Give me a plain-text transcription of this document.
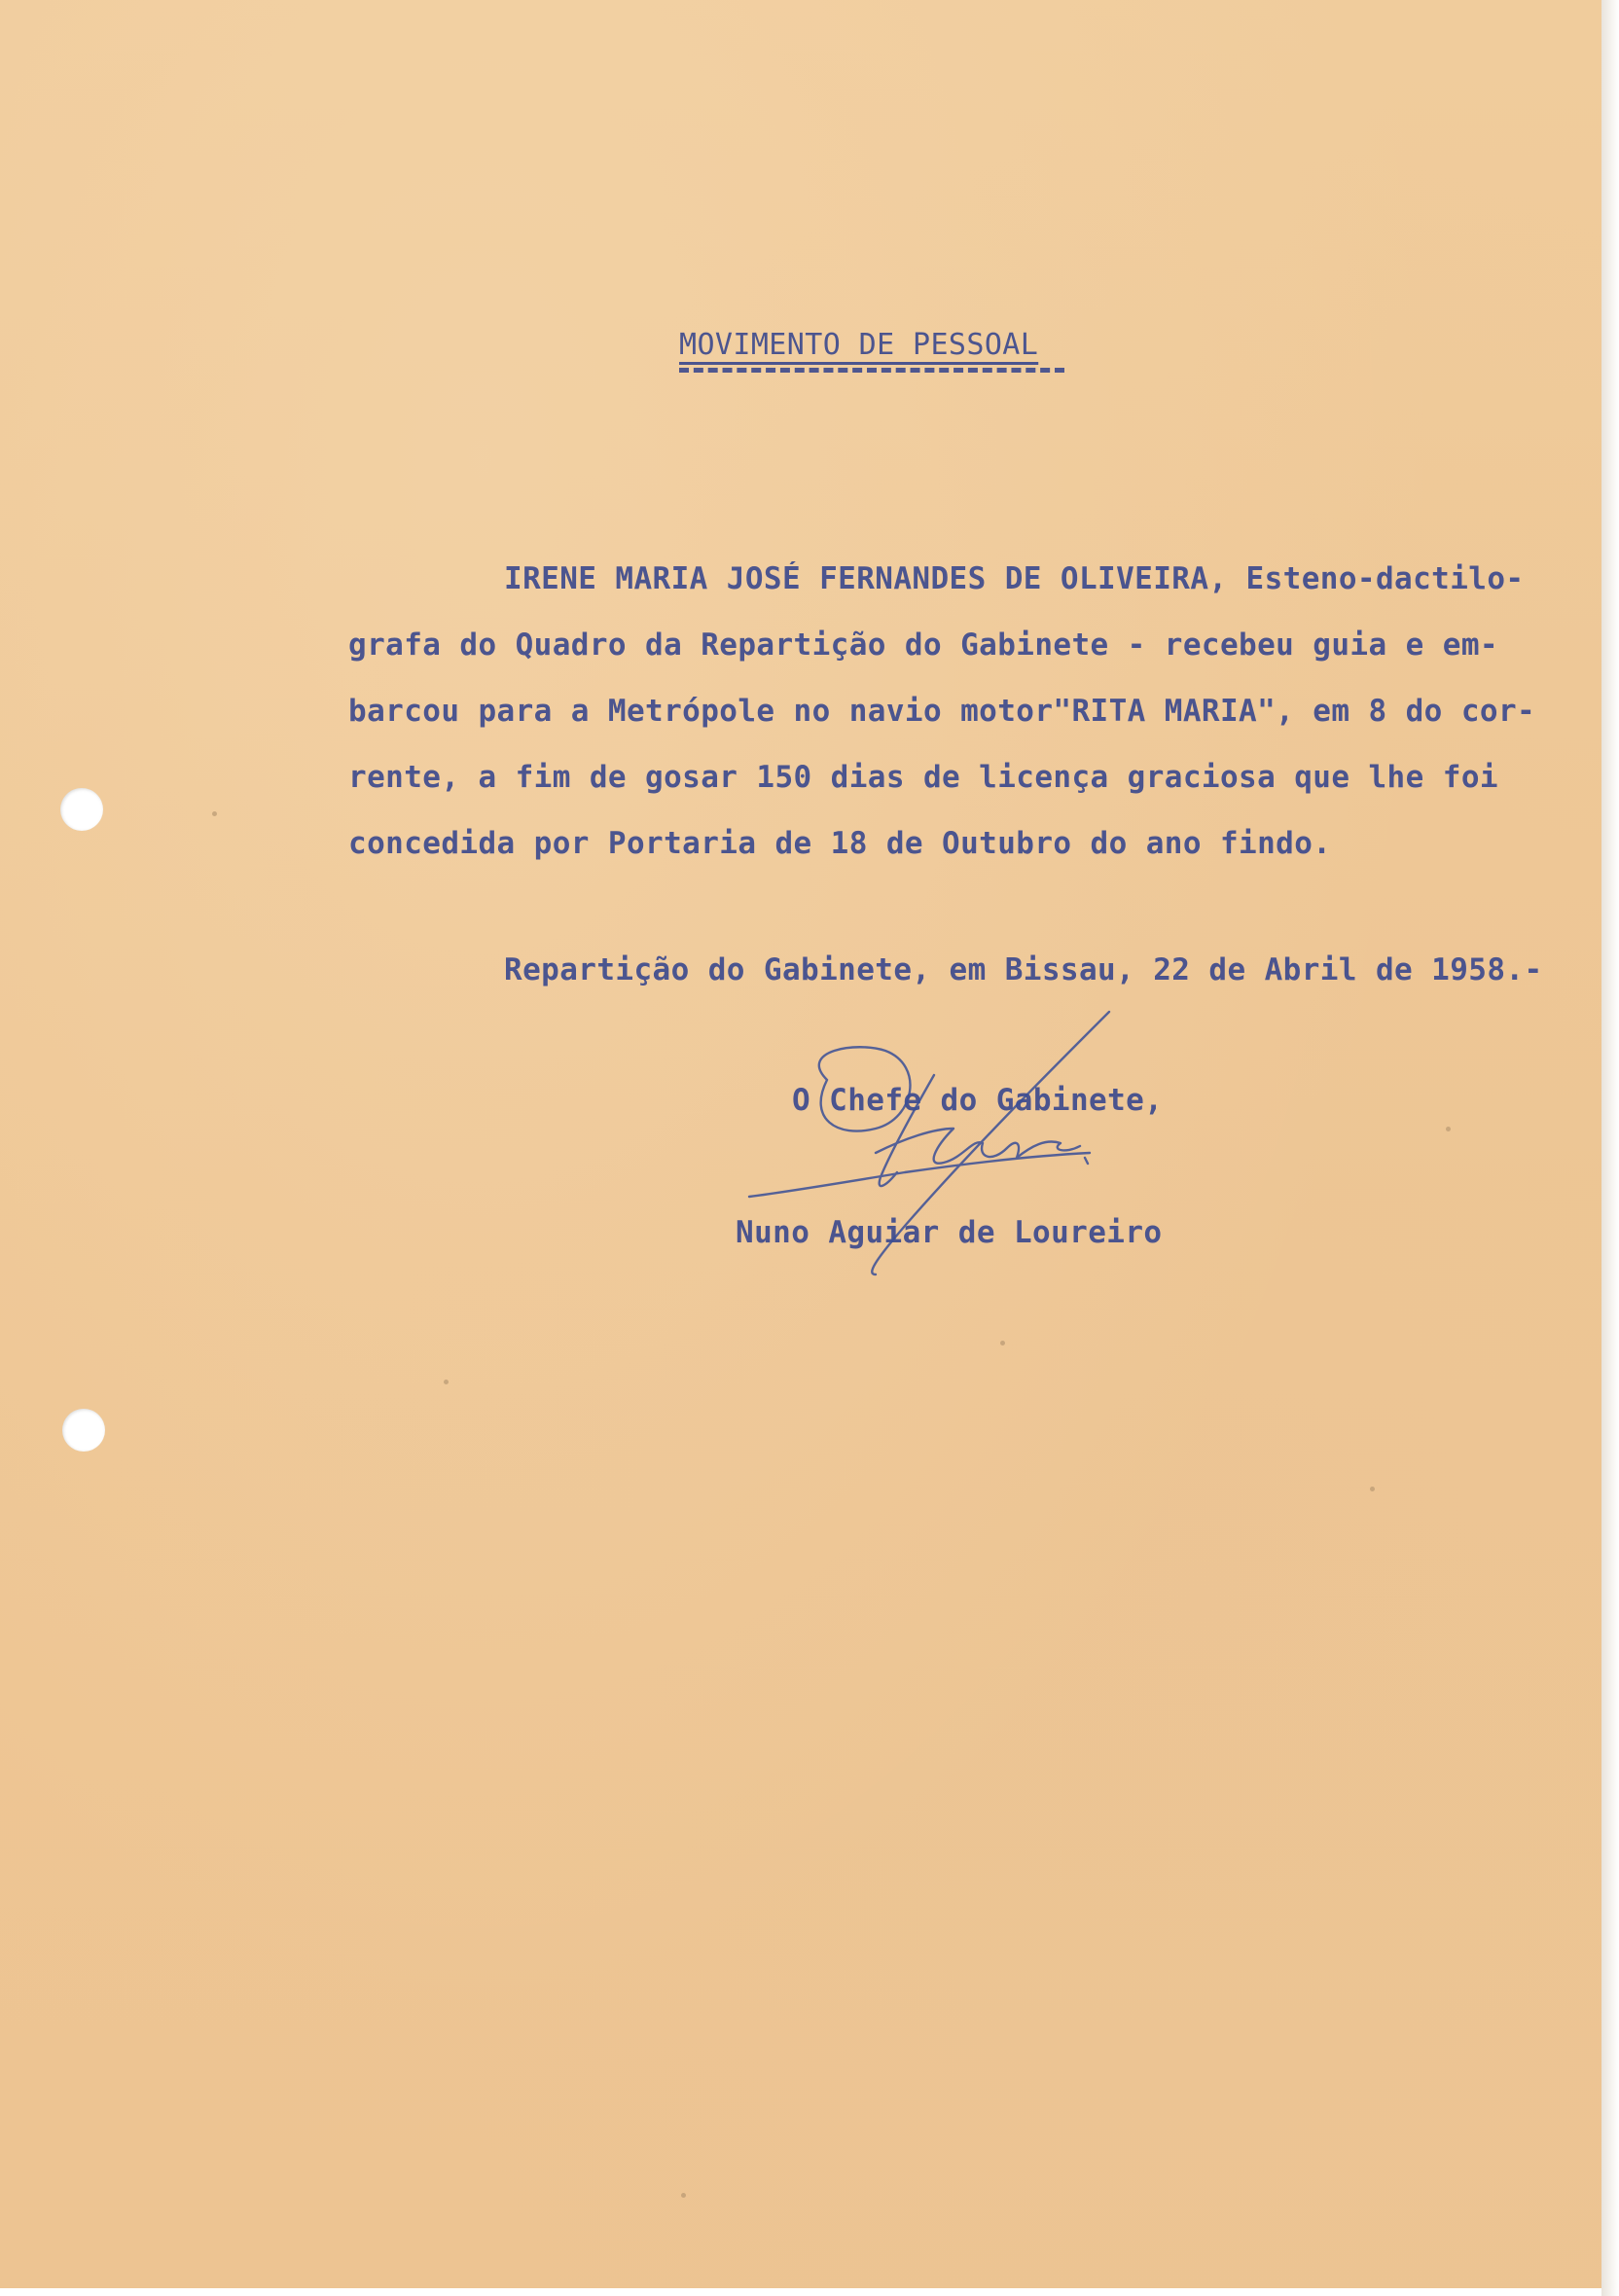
MOVIMENTO DE PESSOAL
IRENE MARIA JOSÉ FERNANDES DE OLIVEIRA, Esteno-dactilo-
grafa do Quadro da Repartição do Gabinete - recebeu guia e em-
barcou para a Metrópole no navio motor"RITA MARIA", em 8 do cor-
rente, a fim de gosar 150 dias de licença graciosa que lhe foi
concedida por Portaria de 18 de Outubro do ano findo.
Repartição do Gabinete, em Bissau, 22 de Abril de 1958.-
O Chefe do Gabinete,
Nuno Aguiar de Loureiro
